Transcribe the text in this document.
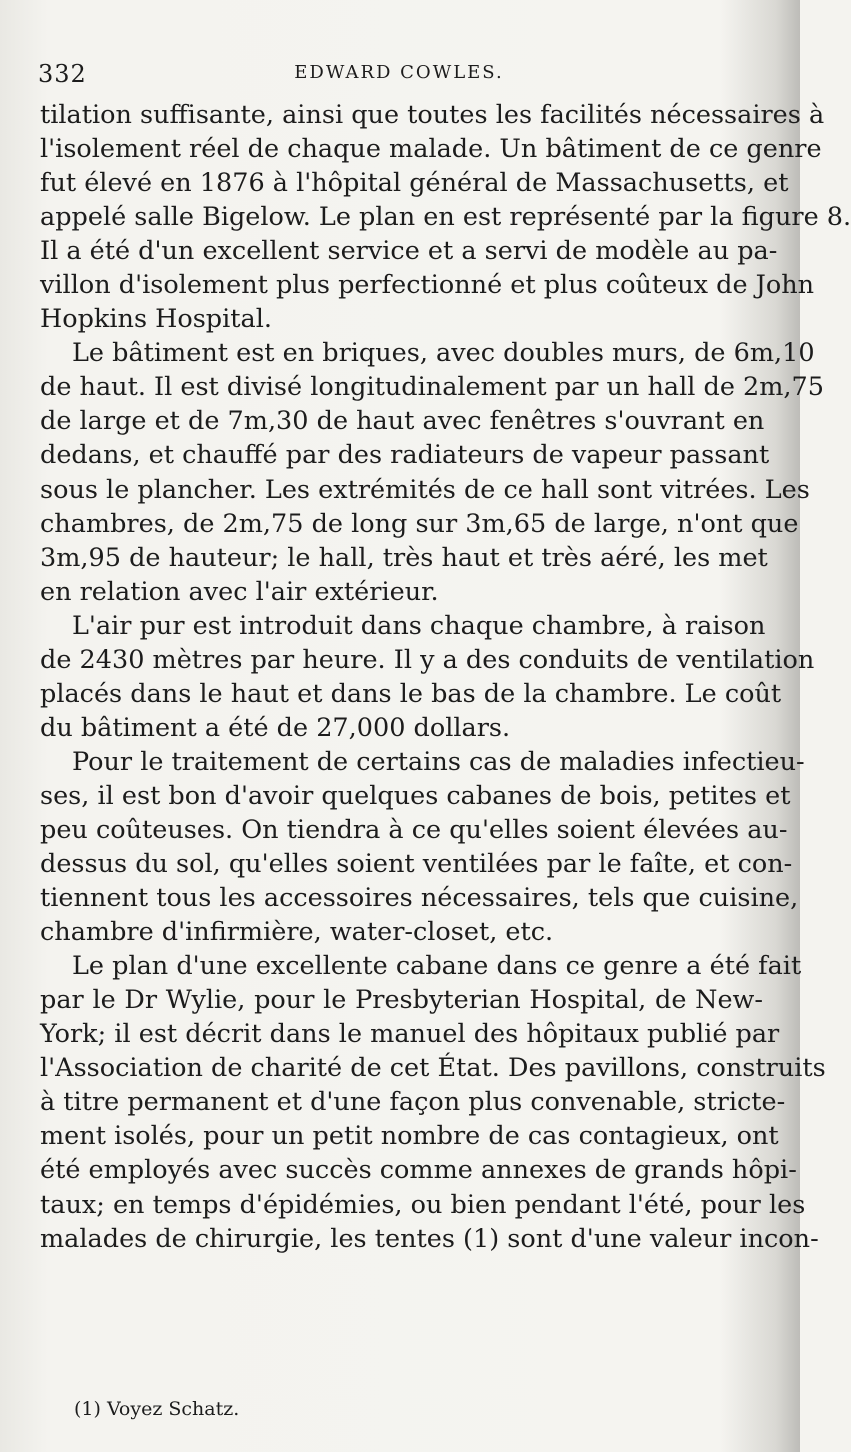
332	EDWARD COWLES.
tilation suffisante, ainsi que toutes les facilités nécessaires à
l'isolement réel de chaque malade. Un bâtiment de ce genre
fut élevé en 1876 à l'hôpital général de Massachusetts, et
appelé salle Bigelow. Le plan en est représenté par la figure 8.
Il a été d'un excellent service et a servi de modèle au pa-
villon d'isolement plus perfectionné et plus coûteux de John
Hopkins Hospital.
Le bâtiment est en briques, avec doubles murs, de 6m,10
de haut. Il est divisé longitudinalement par un hall de 2m,75
de large et de 7m,30 de haut avec fenêtres s'ouvrant en
dedans, et chauffé par des radiateurs de vapeur passant
sous le plancher. Les extrémités de ce hall sont vitrées. Les
chambres, de 2m,75 de long sur 3m,65 de large, n'ont que
3m,95 de hauteur; le hall, très haut et très aéré, les met
en relation avec l'air extérieur.
L'air pur est introduit dans chaque chambre, à raison
de 2430 mètres par heure. Il y a des conduits de ventilation
placés dans le haut et dans le bas de la chambre. Le coût
du bâtiment a été de 27,000 dollars.
Pour le traitement de certains cas de maladies infectieu-
ses, il est bon d'avoir quelques cabanes de bois, petites et
peu coûteuses. On tiendra à ce qu'elles soient élevées au-
dessus du sol, qu'elles soient ventilées par le faîte, et con-
tiennent tous les accessoires nécessaires, tels que cuisine,
chambre d'infirmière, water-closet, etc.
Le plan d'une excellente cabane dans ce genre a été fait
par le Dr Wylie, pour le Presbyterian Hospital, de New-
York; il est décrit dans le manuel des hôpitaux publié par
l'Association de charité de cet État. Des pavillons, construits
à titre permanent et d'une façon plus convenable, stricte-
ment isolés, pour un petit nombre de cas contagieux, ont
été employés avec succès comme annexes de grands hôpi-
taux; en temps d'épidémies, ou bien pendant l'été, pour les
malades de chirurgie, les tentes (1) sont d'une valeur incon-
(1) Voyez Schatz.
